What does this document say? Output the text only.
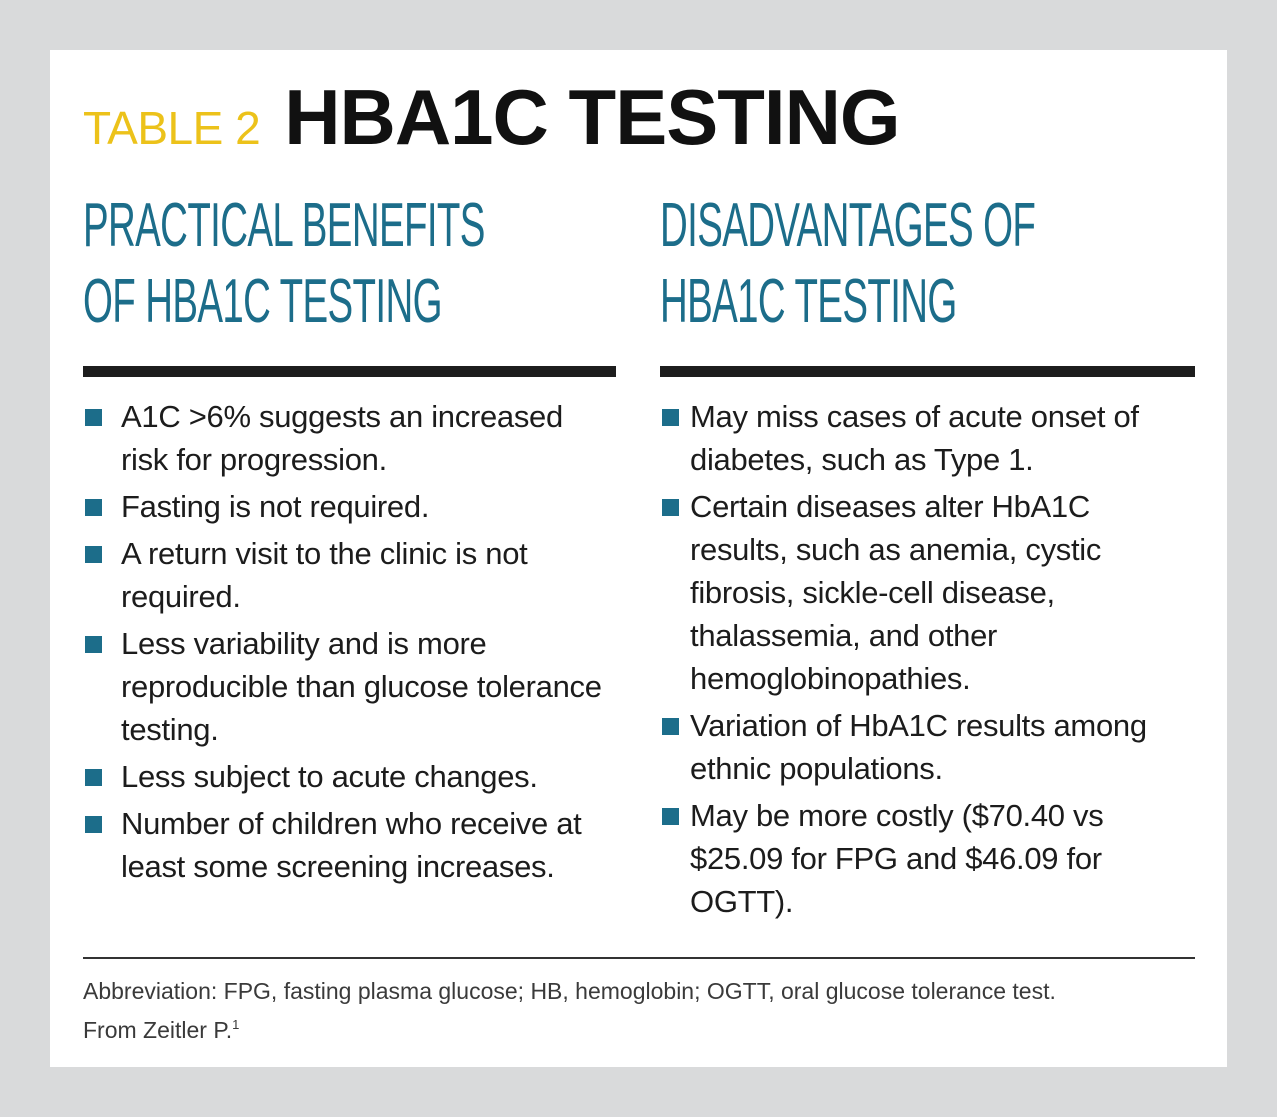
TABLE 2 HBA1C TESTING
PRACTICAL BENEFITS
OF HBA1C TESTING
A1C >6% suggests an increased risk for progression.
Fasting is not required.
A return visit to the clinic is not required.
Less variability and is more reproducible than glucose tolerance testing.
Less subject to acute changes.
Number of children who receive at least some screening increases.
DISADVANTAGES OF
HBA1C TESTING
May miss cases of acute onset of diabetes, such as Type 1.
Certain diseases alter HbA1C results, such as anemia, cystic fibrosis, sickle-cell disease, thalassemia, and other hemoglobinopathies.
Variation of HbA1C results among ethnic populations.
May be more costly ($70.40 vs $25.09 for FPG and $46.09 for OGTT).
Abbreviation: FPG, fasting plasma glucose; HB, hemoglobin; OGTT, oral glucose tolerance test.
From Zeitler P.$^1$
